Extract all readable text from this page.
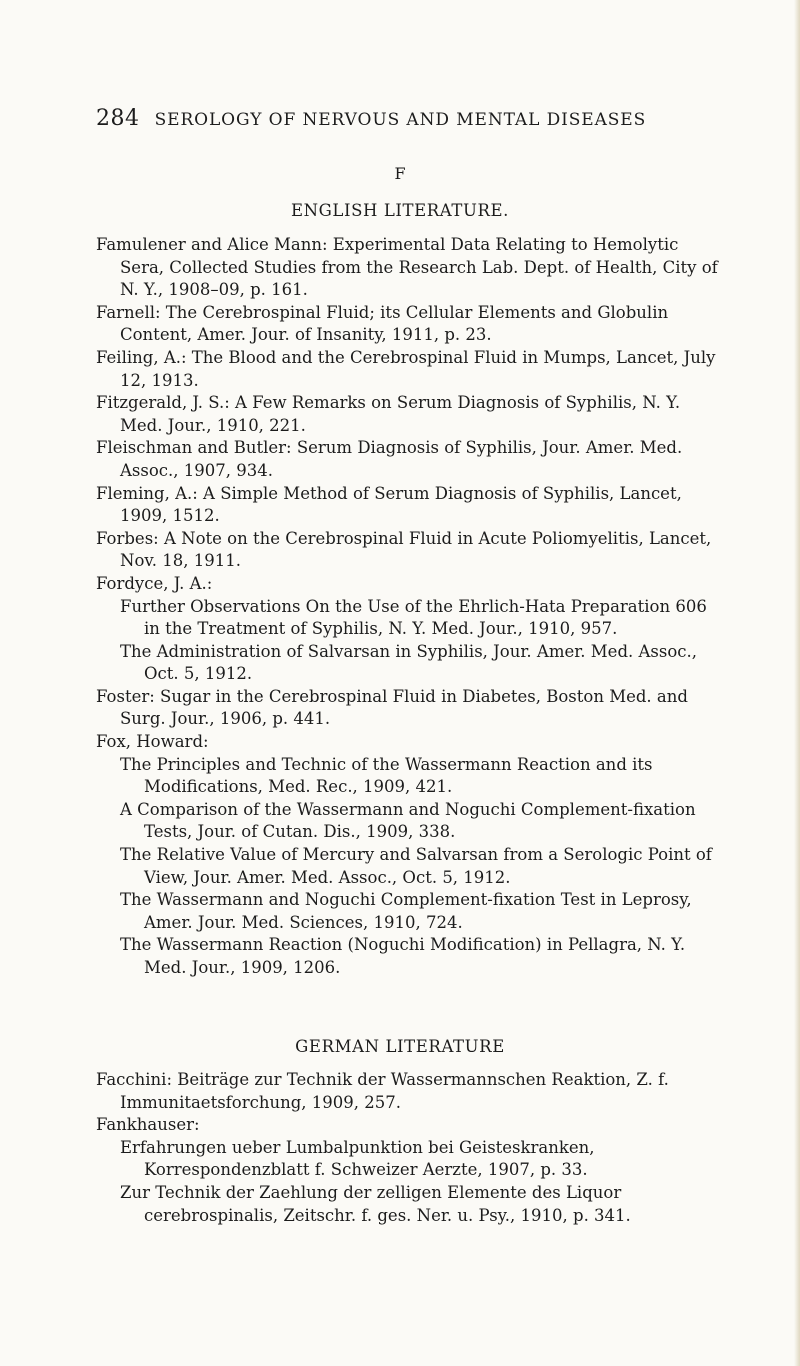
284 SEROLOGY OF NERVOUS AND MENTAL DISEASES
F
ENGLISH LITERATURE.

Famulener and Alice Mann: Experimental Data Relating to Hemolytic Sera, Collected Studies from the Research Lab. Dept. of Health, City of N. Y., 1908–09, p. 161.

Farnell: The Cerebrospinal Fluid; its Cellular Elements and Globulin Content, Amer. Jour. of Insanity, 1911, p. 23.

Feiling, A.: The Blood and the Cerebrospinal Fluid in Mumps, Lancet, July 12, 1913.

Fitzgerald, J. S.: A Few Remarks on Serum Diagnosis of Syphilis, N. Y. Med. Jour., 1910, 221.

Fleischman and Butler: Serum Diagnosis of Syphilis, Jour. Amer. Med. Assoc., 1907, 934.

Fleming, A.: A Simple Method of Serum Diagnosis of Syphilis, Lancet, 1909, 1512.

Forbes: A Note on the Cerebrospinal Fluid in Acute Poliomyelitis, Lancet, Nov. 18, 1911.

Fordyce, J. A.:

Further Observations On the Use of the Ehrlich-Hata Preparation 606 in the Treatment of Syphilis, N. Y. Med. Jour., 1910, 957.

The Administration of Salvarsan in Syphilis, Jour. Amer. Med. Assoc., Oct. 5, 1912.

Foster: Sugar in the Cerebrospinal Fluid in Diabetes, Boston Med. and Surg. Jour., 1906, p. 441.

Fox, Howard:

The Principles and Technic of the Wassermann Reaction and its Modifications, Med. Rec., 1909, 421.

A Comparison of the Wassermann and Noguchi Complement-fixation Tests, Jour. of Cutan. Dis., 1909, 338.

The Relative Value of Mercury and Salvarsan from a Serologic Point of View, Jour. Amer. Med. Assoc., Oct. 5, 1912.

The Wassermann and Noguchi Complement-fixation Test in Leprosy, Amer. Jour. Med. Sciences, 1910, 724.

The Wassermann Reaction (Noguchi Modification) in Pellagra, N. Y. Med. Jour., 1909, 1206.

GERMAN LITERATURE

Facchini: Beiträge zur Technik der Wassermannschen Reaktion, Z. f. Immunitaetsforchung, 1909, 257.

Fankhauser:

Erfahrungen ueber Lumbalpunktion bei Geisteskranken, Korrespondenzblatt f. Schweizer Aerzte, 1907, p. 33.

Zur Technik der Zaehlung der zelligen Elemente des Liquor cerebrospinalis, Zeitschr. f. ges. Ner. u. Psy., 1910, p. 341.
